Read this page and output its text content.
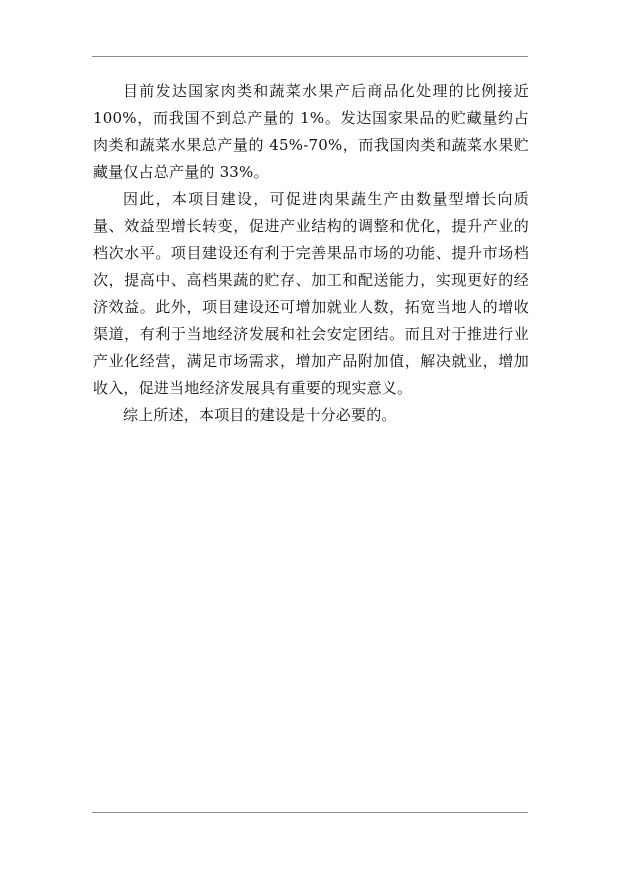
目前发达国家肉类和蔬菜水果产后商品化处理的比例接近100%，而我国不到总产量的 1%。发达国家果品的贮藏量约占肉类和蔬菜水果总产量的 45%-70%，而我国肉类和蔬菜水果贮藏量仅占总产量的 33%。

因此，本项目建设，可促进肉果蔬生产由数量型增长向质量、效益型增长转变，促进产业结构的调整和优化，提升产业的档次水平。项目建设还有利于完善果品市场的功能、提升市场档次，提高中、高档果蔬的贮存、加工和配送能力，实现更好的经济效益。此外，项目建设还可增加就业人数，拓宽当地人的增收渠道，有利于当地经济发展和社会安定团结。而且对于推进行业产业化经营，满足市场需求，增加产品附加值，解决就业，增加收入，促进当地经济发展具有重要的现实意义。

综上所述，本项目的建设是十分必要的。
